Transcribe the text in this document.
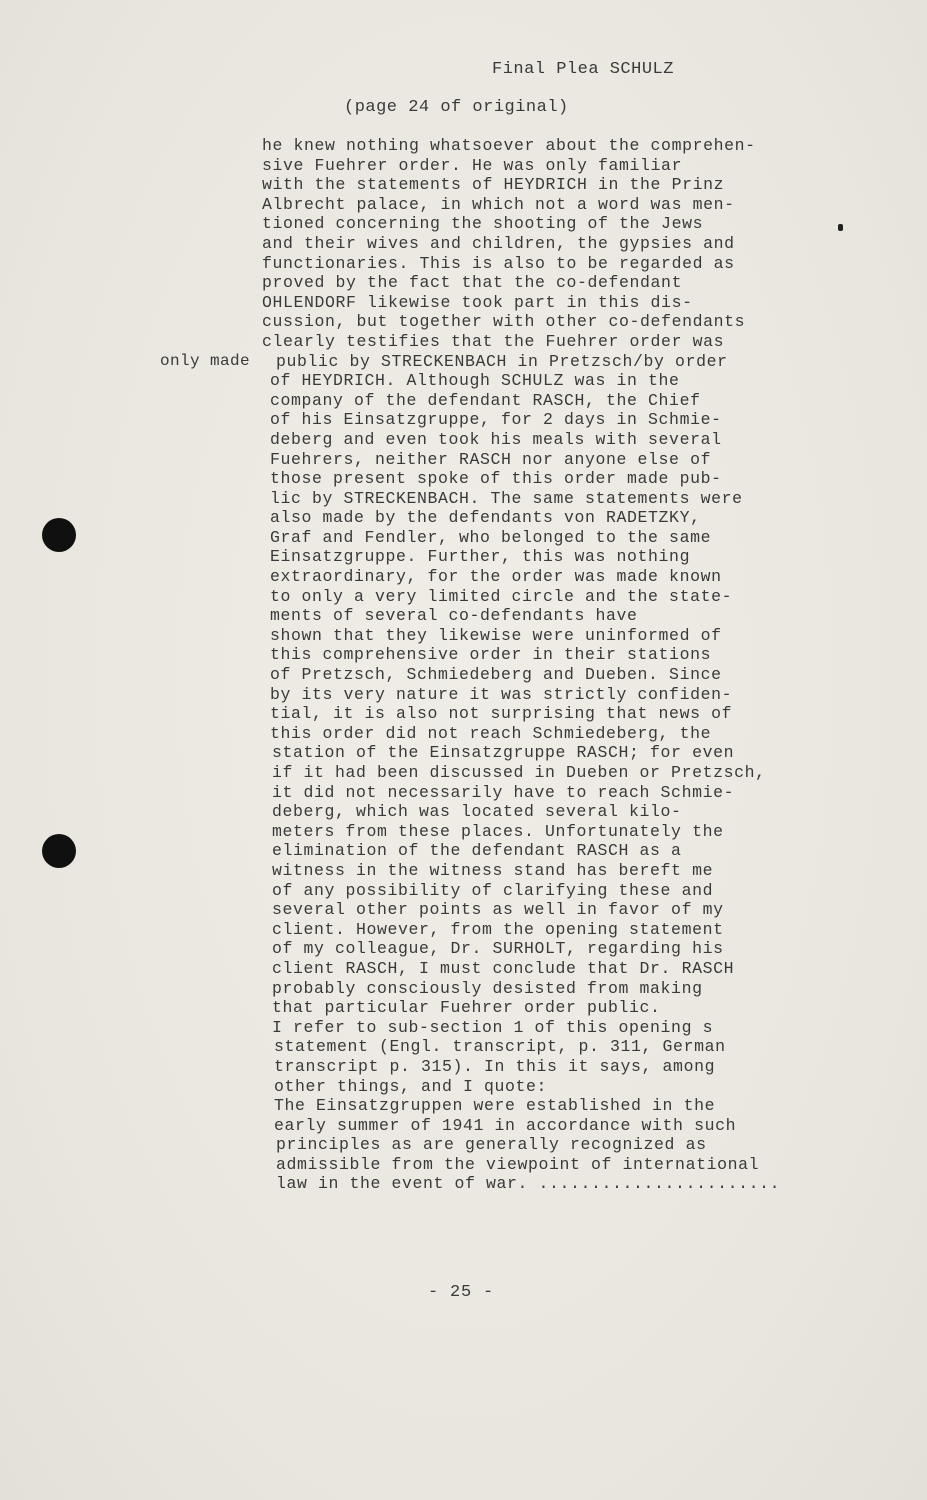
Final Plea SCHULZ
(page 24 of original)
only made
he knew nothing whatsoever about the comprehen-
sive Fuehrer order. He was only familiar
with the statements of HEYDRICH in the Prinz
Albrecht palace, in which not a word was men-
tioned concerning the shooting of the Jews
and their wives and children, the gypsies and
functionaries. This is also to be regarded as
proved by the fact that the co-defendant
OHLENDORF likewise took part in this dis-
cussion, but together with other co-defendants
clearly testifies that the Fuehrer order was
public by STRECKENBACH in Pretzsch/by order
of HEYDRICH. Although SCHULZ was in the
company of the defendant RASCH, the Chief
of his Einsatzgruppe, for 2 days in Schmie-
deberg and even took his meals with several
Fuehrers, neither RASCH nor anyone else of
those present spoke of this order made pub-
lic by STRECKENBACH. The same statements were
also made by the defendants von RADETZKY,
Graf and Fendler, who belonged to the same
Einsatzgruppe. Further, this was nothing
extraordinary, for the order was made known
to only a very limited circle and the state-
ments of several co-defendants have
shown that they likewise were uninformed of
this comprehensive order in their stations
of Pretzsch, Schmiedeberg and Dueben. Since
by its very nature it was strictly confiden-
tial, it is also not surprising that news of
this order did not reach Schmiedeberg, the
station of the Einsatzgruppe RASCH; for even
if it had been discussed in Dueben or Pretzsch,
it did not necessarily have to reach Schmie-
deberg, which was located several kilo-
meters from these places. Unfortunately the
elimination of the defendant RASCH as a
witness in the witness stand has bereft me
of any possibility of clarifying these and
several other points as well in favor of my
client. However, from the opening statement
of my colleague, Dr. SURHOLT, regarding his
client RASCH, I must conclude that Dr. RASCH
probably consciously desisted from making
that particular Fuehrer order public.
I refer to sub-section 1 of this opening s
statement (Engl. transcript, p. 311, German
transcript p. 315). In this it says, among
other things, and I quote:
The Einsatzgruppen were established in the
early summer of 1941 in accordance with such
principles as are generally recognized as
admissible from the viewpoint of international
law in the event of war. .......................
- 25 -
